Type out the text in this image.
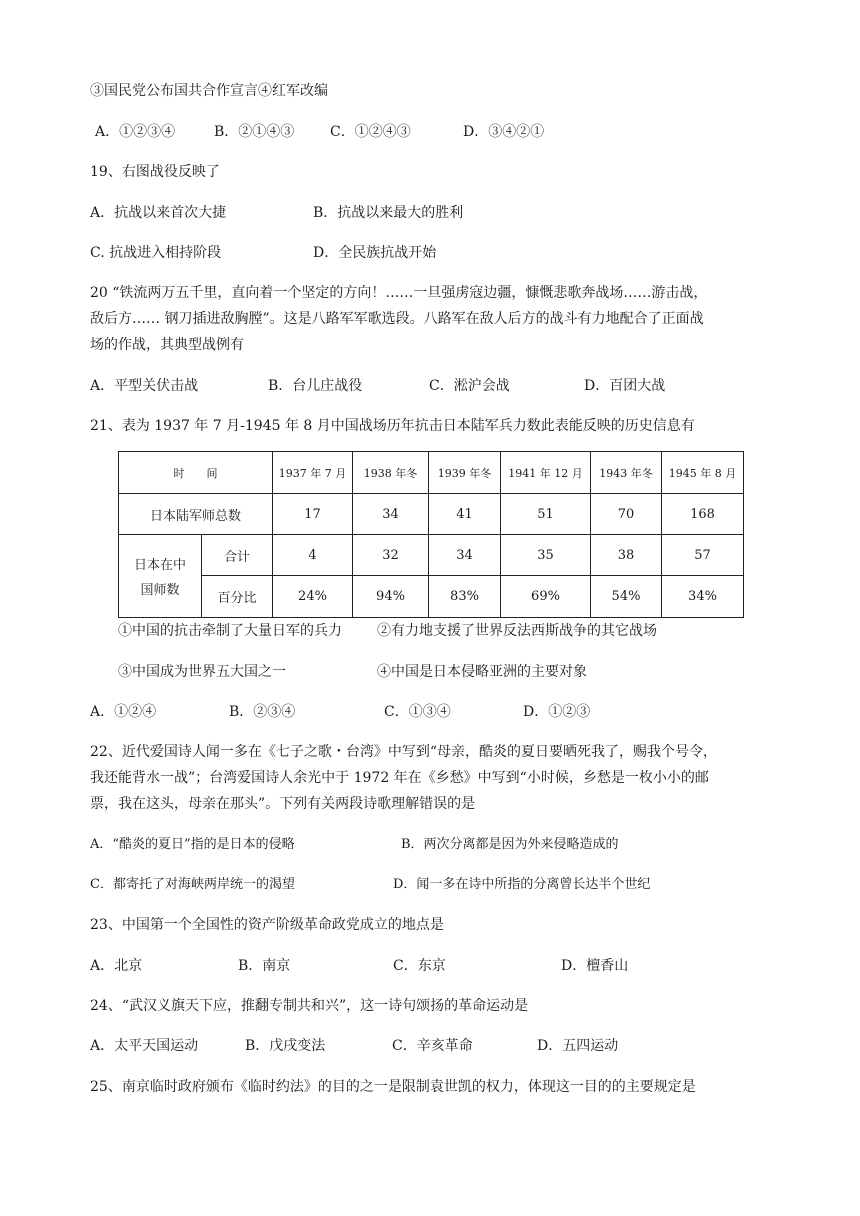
③国民党公布国共合作宣言④红军改编
A．①②③④	B．②①④③	C．①②④③	D．③④②①
19、右图战役反映了
A．抗战以来首次大捷	B．抗战以来最大的胜利
C. 抗战进入相持阶段	D．全民族抗战开始
20 “铁流两万五千里，直向着一个坚定的方向！……一旦强虏寇边疆，慷慨悲歌奔战场……游击战，
敌后方…… 钢刀插进敌胸膛”。这是八路军军歌选段。八路军在敌人后方的战斗有力地配合了正面战
场的作战，其典型战例有
A．平型关伏击战	B．台儿庄战役	C．淞沪会战	D．百团大战
21、表为 1937 年 7 月-1945 年 8 月中国战场历年抗击日本陆军兵力数此表能反映的历史信息有
时　　间		1937 年 7 月	1938 年冬	1939 年冬	1941 年 12 月	1943 年冬	1945 年 8 月
日本陆军师总数		17	34	41	51	70	168

日本在中
国师数	合计	4	32	34	35	38	57
	百分比	24%	94%	83%	69%	54%	34%
①中国的抗击牵制了大量日军的兵力	②有力地支援了世界反法西斯战争的其它战场
③中国成为世界五大国之一	④中国是日本侵略亚洲的主要对象
A．①②④	B．②③④	C．①③④	D．①②③
22、近代爱国诗人闻一多在《七子之歌・台湾》中写到“母亲，酷炎的夏日要晒死我了，赐我个号令，
我还能背水一战”；台湾爱国诗人余光中于 1972 年在《乡愁》中写到“小时候，乡愁是一枚小小的邮
票，我在这头，母亲在那头”。下列有关两段诗歌理解错误的是
A．“酷炎的夏日”指的是日本的侵略	B．两次分离都是因为外来侵略造成的
C．都寄托了对海峡两岸统一的渴望	D．闻一多在诗中所指的分离曾长达半个世纪
23、中国第一个全国性的资产阶级革命政党成立的地点是
A．北京	B．南京	C．东京	D．檀香山
24、“武汉义旗天下应，推翻专制共和兴”，这一诗句颂扬的革命运动是
A．太平天国运动	B．戊戌变法	C．辛亥革命	D．五四运动
25、南京临时政府颁布《临时约法》的目的之一是限制袁世凯的权力，体现这一目的的主要规定是
